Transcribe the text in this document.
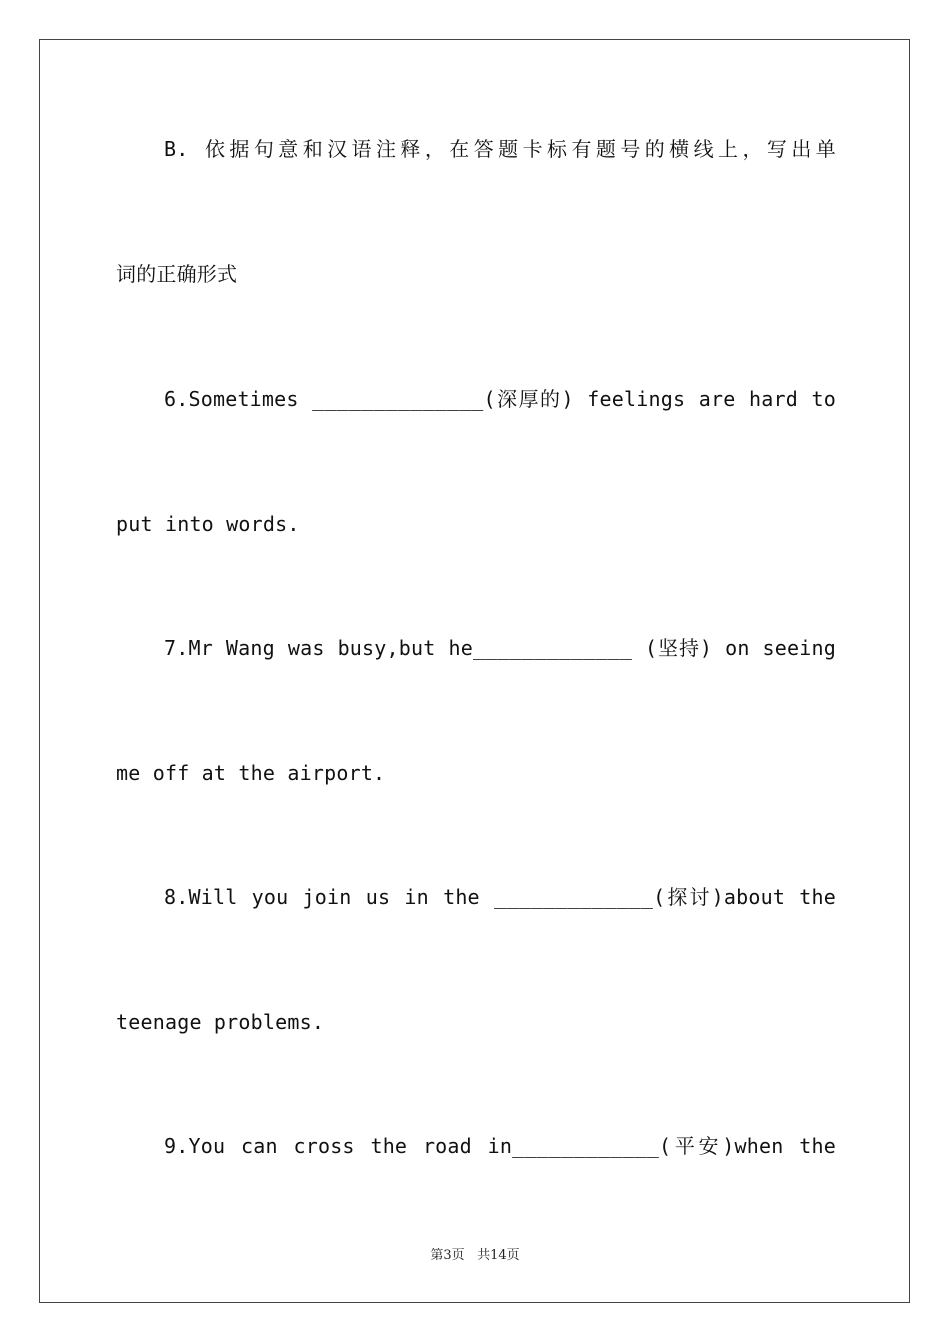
B. 依据句意和汉语注释，在答题卡标有题号的横线上，写出单
词的正确形式
6.Sometimes ______________(深厚的) feelings are hard to
put into words.
7.Mr Wang was busy,but he_____________ (坚持) on seeing
me off at the airport.
8.Will you join us in the _____________(探讨)about the
teenage problems.
9.You can cross the road in____________(平安)when the
第3页 共14页
